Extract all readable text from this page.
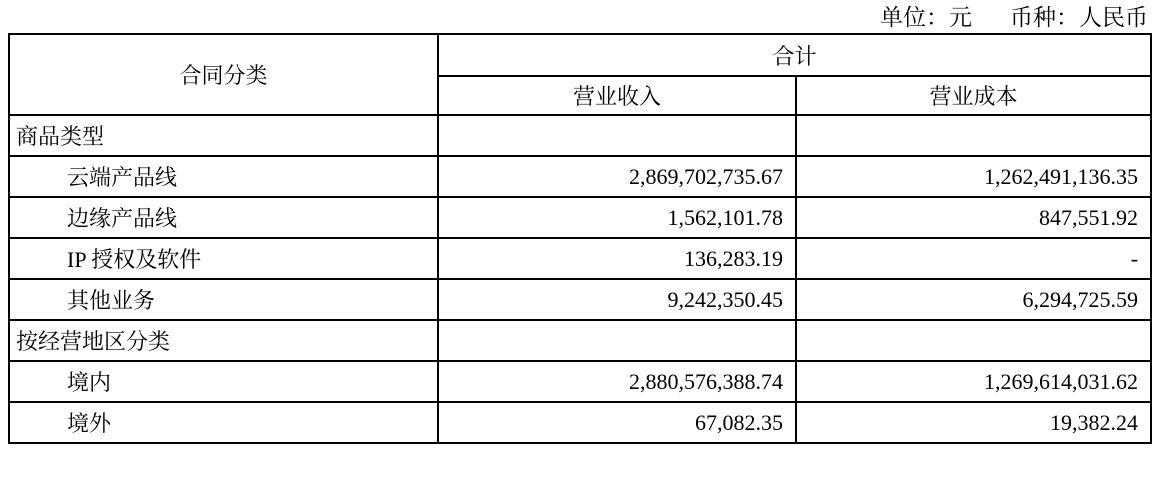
单位：元 币种：人民币
合同分类	合计	
	营业收入	营业成本
商品类型		
云端产品线	2,869,702,735.67	1,262,491,136.35
边缘产品线	1,562,101.78	847,551.92
IP 授权及软件	136,283.19	-
其他业务	9,242,350.45	6,294,725.59
按经营地区分类		
境内	2,880,576,388.74	1,269,614,031.62
境外	67,082.35	19,382.24
